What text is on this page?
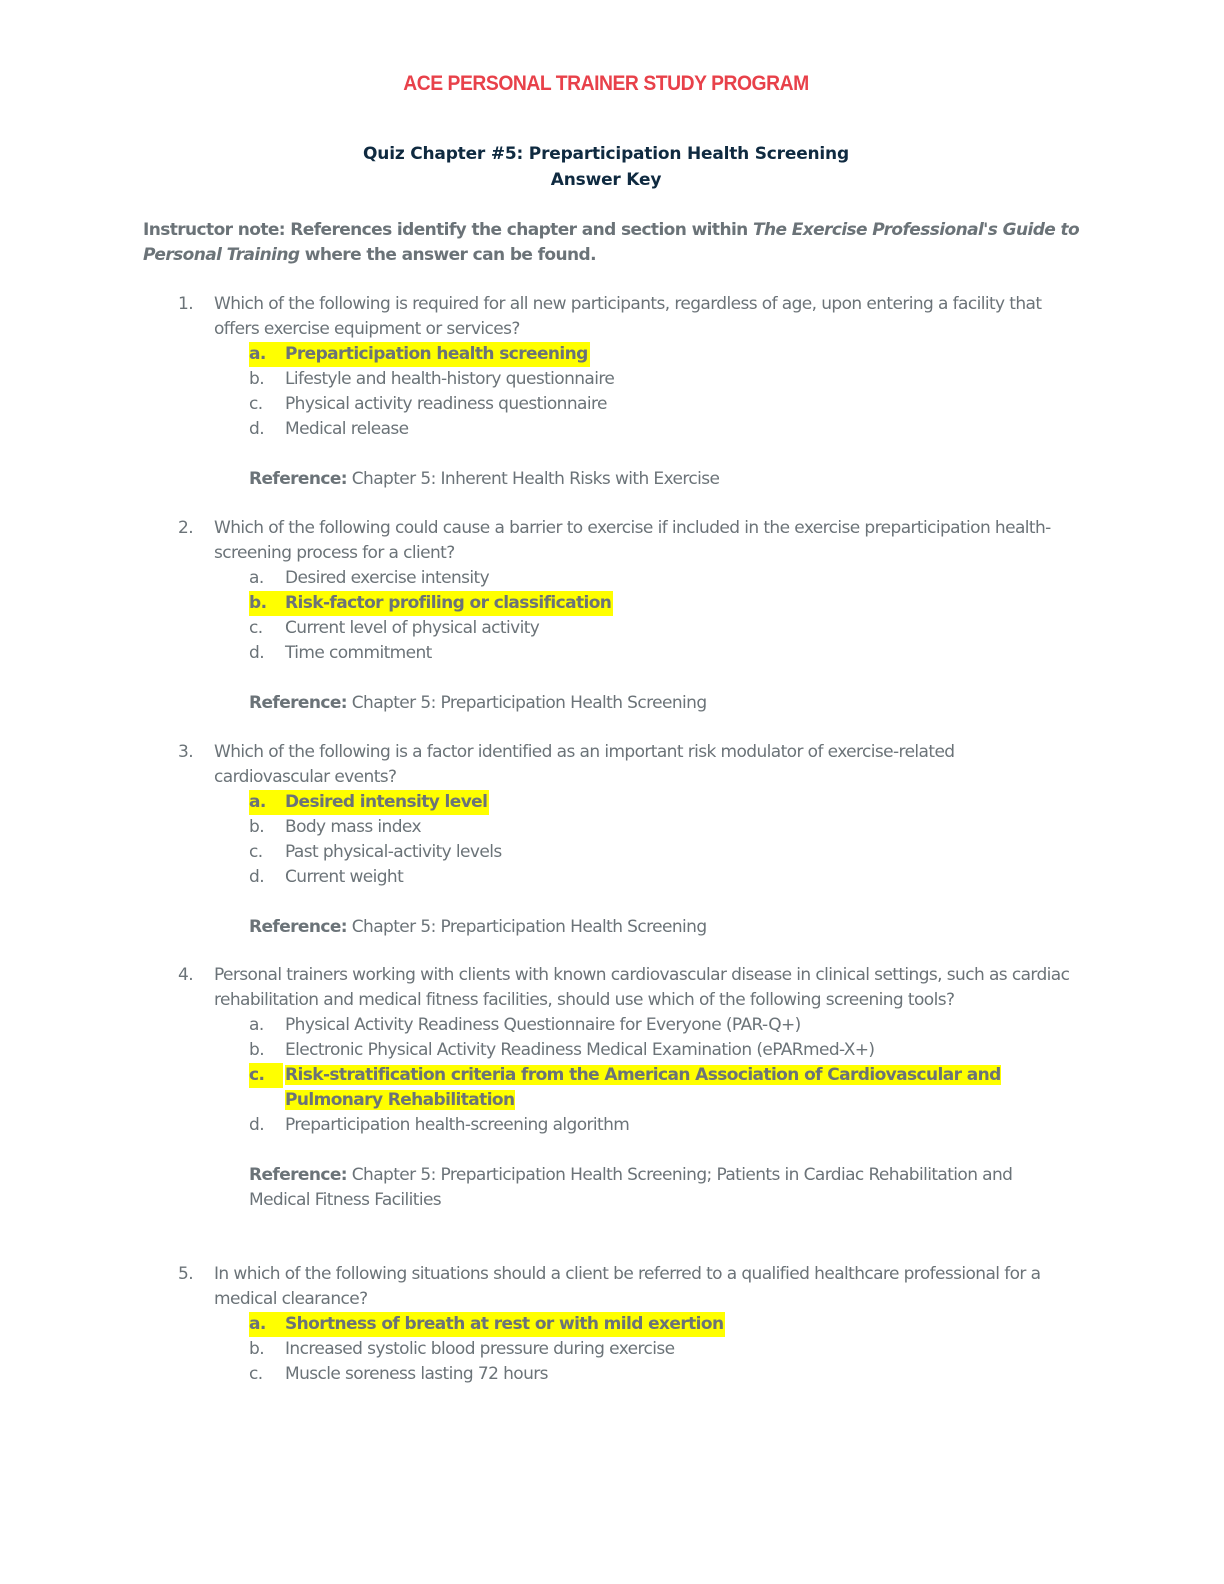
ACE PERSONAL TRAINER STUDY PROGRAM
Quiz Chapter #5: Preparticipation Health Screening
Answer Key
Instructor note: References identify the chapter and section within The Exercise Professional's Guide to Personal Training where the answer can be found.
1.	Which of the following is required for all new participants, regardless of age, upon entering a facility that offers exercise equipment or services?
a. Preparticipation health screening
b.	Lifestyle and health-history questionnaire
c.	Physical activity readiness questionnaire
d.	Medical release
Reference: Chapter 5: Inherent Health Risks with Exercise
2.	Which of the following could cause a barrier to exercise if included in the exercise preparticipation health-screening process for a client?
a.	Desired exercise intensity
b. Risk-factor profiling or classification
c.	Current level of physical activity
d.	Time commitment
Reference: Chapter 5: Preparticipation Health Screening
3.	Which of the following is a factor identified as an important risk modulator of exercise-related cardiovascular events?
a. Desired intensity level
b.	Body mass index
c.	Past physical-activity levels
d.	Current weight
Reference: Chapter 5: Preparticipation Health Screening
4.	Personal trainers working with clients with known cardiovascular disease in clinical settings, such as cardiac rehabilitation and medical fitness facilities, should use which of the following screening tools?
a.	Physical Activity Readiness Questionnaire for Everyone (PAR-Q+)
b.	Electronic Physical Activity Readiness Medical Examination (ePARmed-X+)
c.	Risk-stratification criteria from the American Association of Cardiovascular and Pulmonary Rehabilitation
d.	Preparticipation health-screening algorithm
Reference: Chapter 5: Preparticipation Health Screening; Patients in Cardiac Rehabilitation and Medical Fitness Facilities
5.	In which of the following situations should a client be referred to a qualified healthcare professional for a medical clearance?
a. Shortness of breath at rest or with mild exertion
b.	Increased systolic blood pressure during exercise
c.	Muscle soreness lasting 72 hours
